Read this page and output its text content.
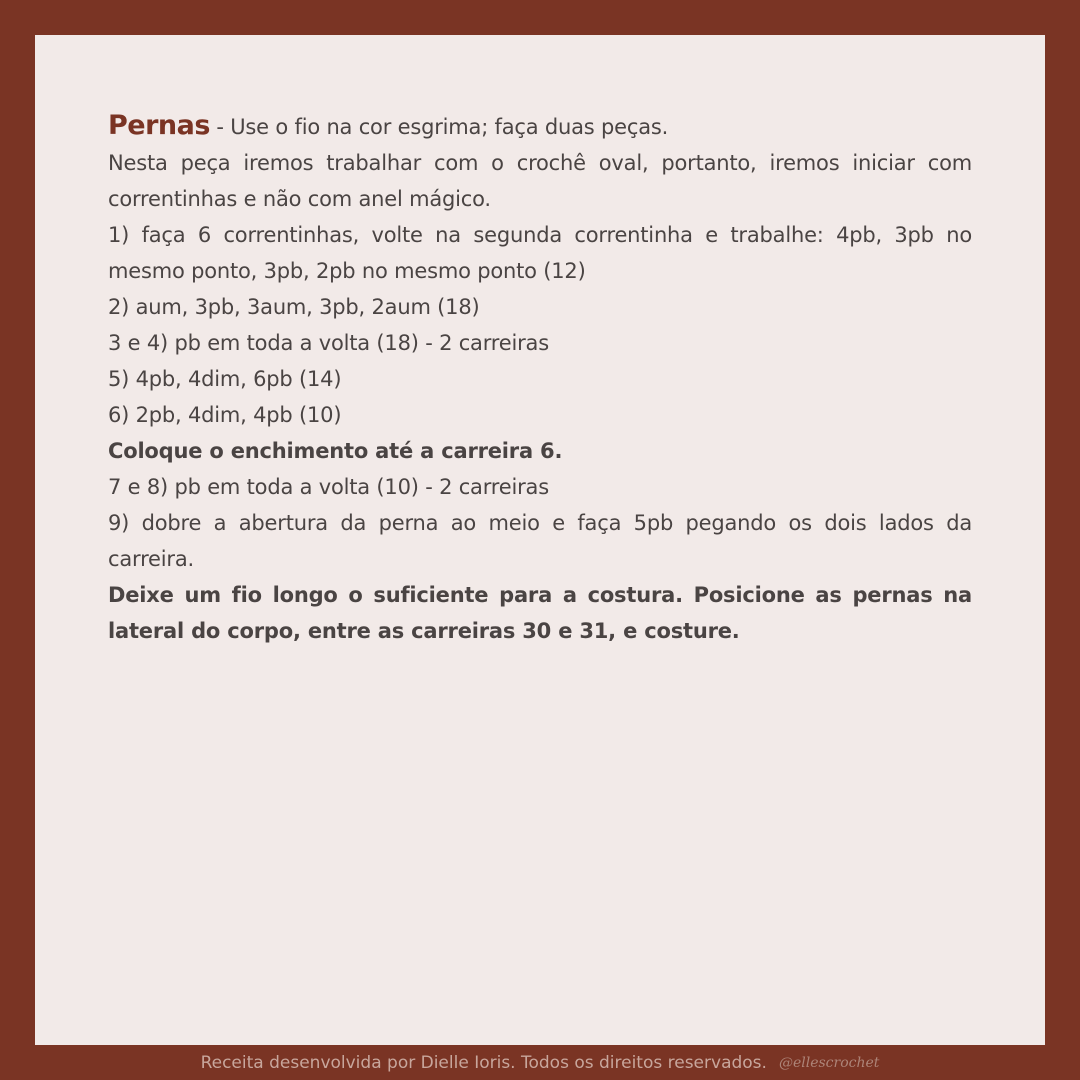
Pernas - Use o fio na cor esgrima; faça duas peças.

Nesta peça iremos trabalhar com o crochê oval, portanto, iremos iniciar com correntinhas e não com anel mágico.

1) faça 6 correntinhas, volte na segunda correntinha e trabalhe: 4pb, 3pb no mesmo ponto, 3pb, 2pb no mesmo ponto (12)

2) aum, 3pb, 3aum, 3pb, 2aum (18)

3 e 4) pb em toda a volta (18) - 2 carreiras

5) 4pb, 4dim, 6pb (14)

6) 2pb, 4dim, 4pb (10)

Coloque o enchimento até a carreira 6.

7 e 8) pb em toda a volta (10) - 2 carreiras

9) dobre a abertura da perna ao meio e faça 5pb pegando os dois lados da carreira.

Deixe um fio longo o suficiente para a costura. Posicione as pernas na lateral do corpo, entre as carreiras 30 e 31, e costure.

Receita desenvolvida por Dielle Ioris. Todos os direitos reservados. @ellescrochet
